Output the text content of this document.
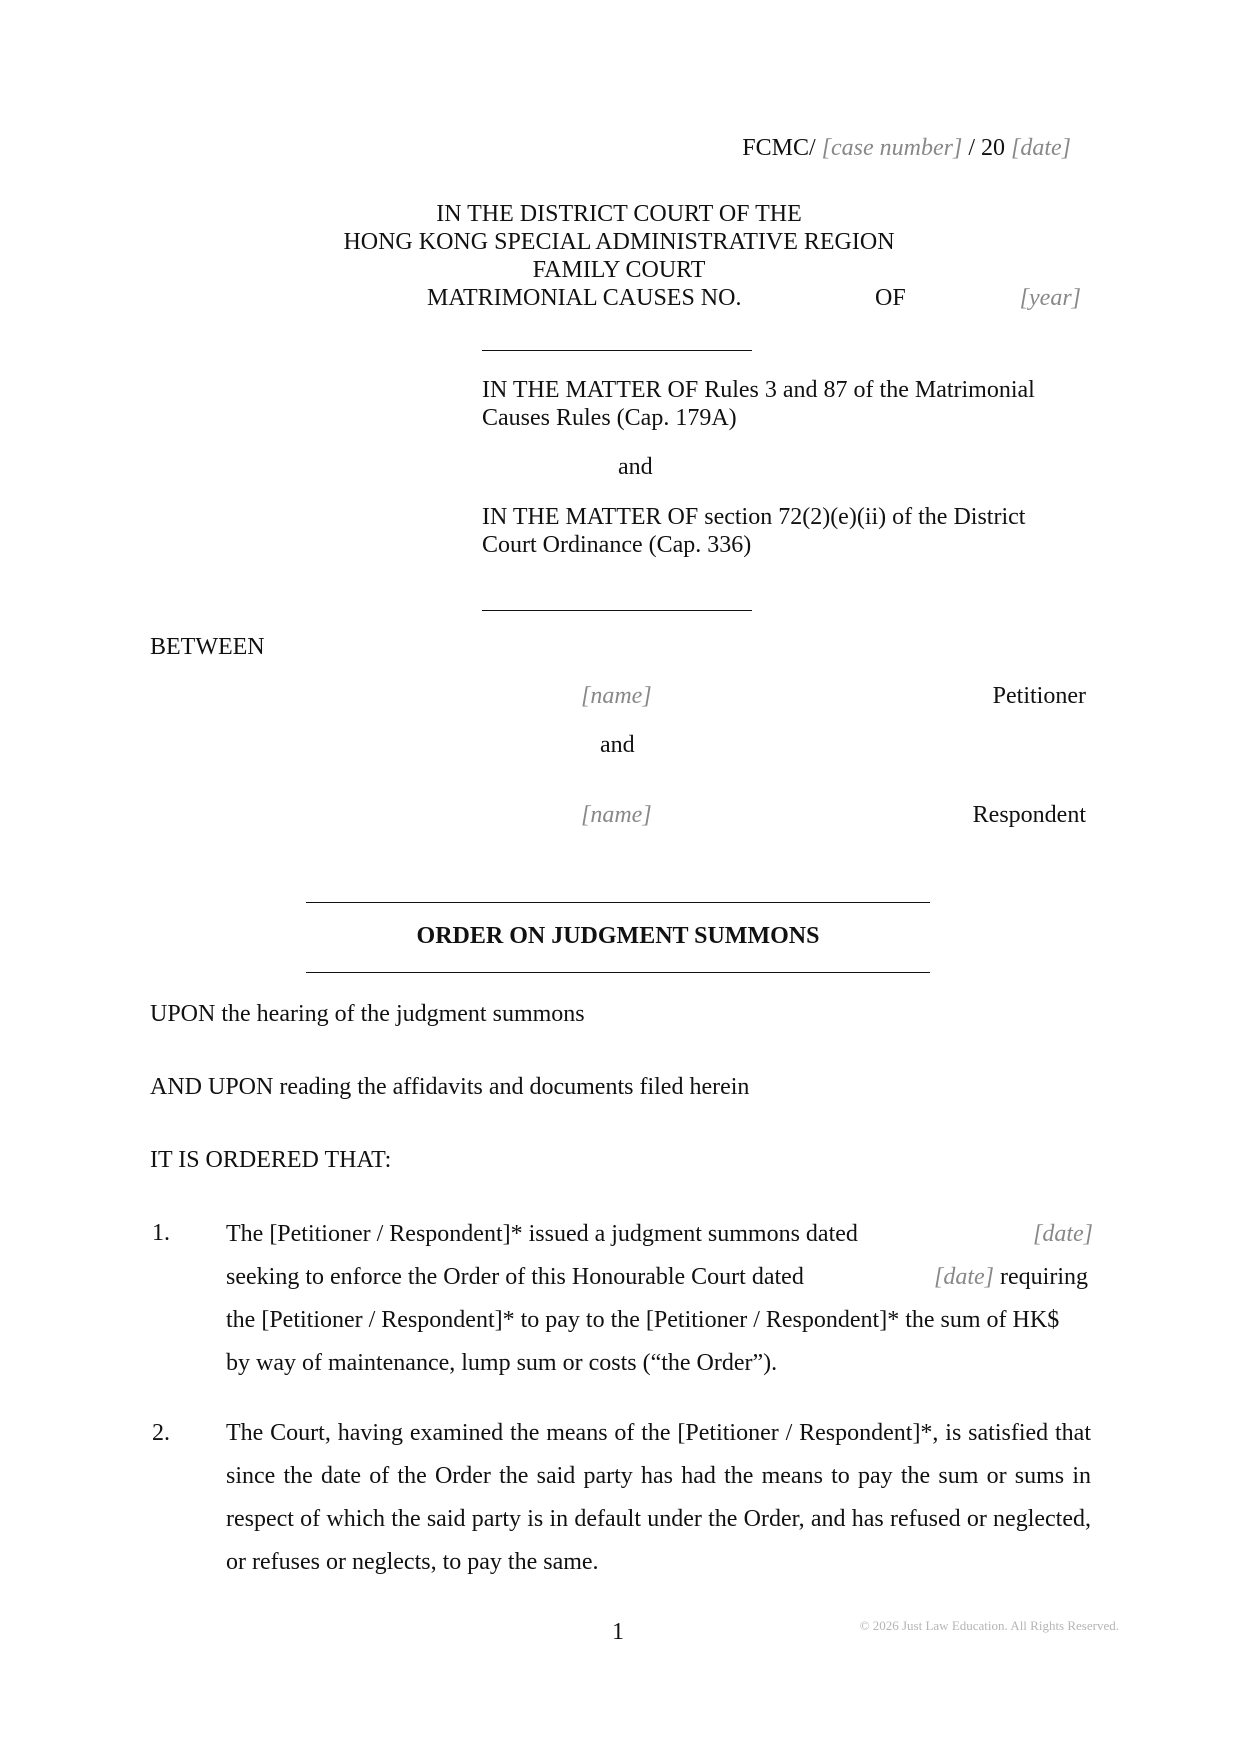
FCMC/ [case number] / 20 [date]
IN THE DISTRICT COURT OF THE
HONG KONG SPECIAL ADMINISTRATIVE REGION
FAMILY COURT
MATRIMONIAL CAUSES NO.	OF	[year]
IN THE MATTER OF Rules 3 and 87 of the Matrimonial
Causes Rules (Cap. 179A)
and
IN THE MATTER OF section 72(2)(e)(ii) of the District
Court Ordinance (Cap. 336)
BETWEEN
[name]	Petitioner
and
[name]	Respondent
ORDER ON JUDGMENT SUMMONS
UPON the hearing of the judgment summons
AND UPON reading the affidavits and documents filed herein
IT IS ORDERED THAT:
1. The [Petitioner / Respondent]* issued a judgment summons dated	[date]
seeking to enforce the Order of this Honourable Court dated	[date] requiring
the [Petitioner / Respondent]* to pay to the [Petitioner / Respondent]* the sum of HK$
by way of maintenance, lump sum or costs (“the Order”).
2. The Court, having examined the means of the [Petitioner / Respondent]*, is satisfied that since the date of the Order the said party has had the means to pay the sum or sums in respect of which the said party is in default under the Order, and has refused or neglected, or refuses or neglects, to pay the same.
1	© 2026 Just Law Education. All Rights Reserved.
